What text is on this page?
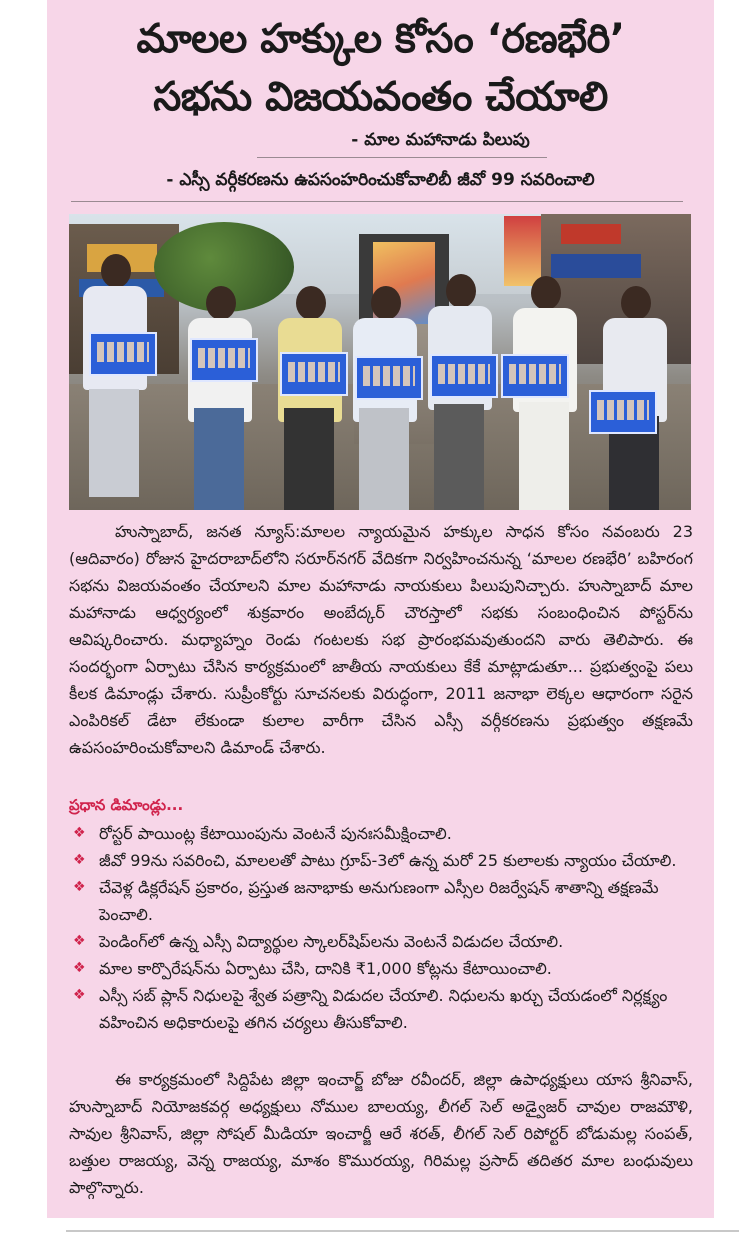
మాలల హక్కుల కోసం ‘రణభేరి’
సభను విజయవంతం చేయాలి
- మాల మహానాడు పిలుపు
- ఎస్సీ వర్గీకరణను ఉపసంహరించుకోవాలిబీ జీవో 99 సవరించాలి
హుస్నాబాద్, జనత న్యూస్:మాలల న్యాయమైన హక్కుల సాధన కోసం నవంబరు 23 (ఆదివారం) రోజున హైదరాబాద్‌లోని సరూర్‌నగర్ వేదికగా నిర్వహించనున్న ‘మాలల రణభేరి’ బహిరంగ సభను విజయవంతం చేయాలని మాల మహానాడు నాయకులు పిలుపునిచ్చారు. హుస్నాబాద్ మాల మహానాడు ఆధ్వర్యంలో శుక్రవారం అంబేద్కర్ చౌరస్తాలో సభకు సంబంధించిన పోస్టర్‌ను ఆవిష్కరించారు. మధ్యాహ్నం రెండు గంటలకు సభ ప్రారంభమవుతుందని వారు తెలిపారు. ఈ సందర్భంగా ఏర్పాటు చేసిన కార్యక్రమంలో జాతీయ నాయకులు కేకే మాట్లాడుతూ... ప్రభుత్వంపై పలు కీలక డిమాండ్లు చేశారు. సుప్రీంకోర్టు సూచనలకు విరుద్ధంగా, 2011 జనాభా లెక్కల ఆధారంగా సరైన ఎంపిరికల్ డేటా లేకుండా కులాల వారీగా చేసిన ఎస్సీ వర్గీకరణను ప్రభుత్వం తక్షణమే ఉపసంహరించుకోవాలని డిమాండ్ చేశారు.
ప్రధాన డిమాండ్లు...
❖ రోస్టర్ పాయింట్ల కేటాయింపును వెంటనే పునఃసమీక్షించాలి.
❖ జీవో 99ను సవరించి, మాలలతో పాటు గ్రూప్-3లో ఉన్న మరో 25 కులాలకు న్యాయం చేయాలి.
❖ చేవెళ్ల డిక్లరేషన్ ప్రకారం, ప్రస్తుత జనాభాకు అనుగుణంగా ఎస్సీల రిజర్వేషన్ శాతాన్ని తక్షణమే పెంచాలి.
❖ పెండింగ్‌లో ఉన్న ఎస్సీ విద్యార్థుల స్కాలర్‌షిప్‌లను వెంటనే విడుదల చేయాలి.
❖ మాల కార్పొరేషన్‌ను ఏర్పాటు చేసి, దానికి ₹1,000 కోట్లను కేటాయించాలి.
❖ ఎస్సీ సబ్ ప్లాన్ నిధులపై శ్వేత పత్రాన్ని విడుదల చేయాలి. నిధులను ఖర్చు చేయడంలో నిర్లక్ష్యం వహించిన అధికారులపై తగిన చర్యలు తీసుకోవాలి.
ఈ కార్యక్రమంలో సిద్దిపేట జిల్లా ఇంచార్జ్ బోజు రవీందర్, జిల్లా ఉపాధ్యక్షులు యాస శ్రీనివాస్, హుస్నాబాద్ నియోజకవర్గ అధ్యక్షులు నోముల బాలయ్య, లీగల్ సెల్ అడ్వైజర్ చావుల రాజమౌళి, సావుల శ్రీనివాస్, జిల్లా సోషల్ మీడియా ఇంచార్జీ ఆరే శరత్, లీగల్ సెల్ రిపోర్టర్ బోడుమల్ల సంపత్, బత్తుల రాజయ్య, వెన్న రాజయ్య, మాశం కొమురయ్య, గిరిమల్ల ప్రసాద్ తదితర మాల బంధువులు పాల్గొన్నారు.
